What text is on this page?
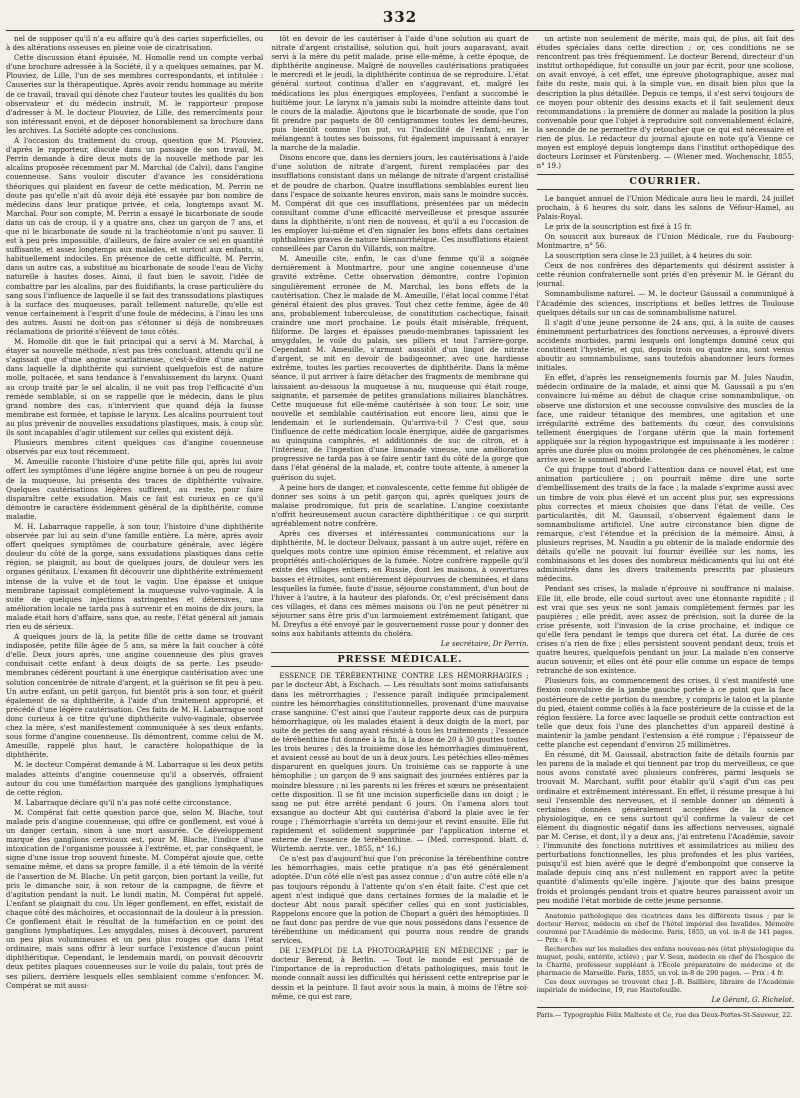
332

nel de supposer qu'il n'a eu affaire qu'à des caries superficielles, ou à des altérations osseuses en pleine voie de cicatrisation.

Cette discussion étant épuisée, M. Homolle rend un compte verbal d'une brochure adressée à la Société, il y a quelques semaines, par M. Plouviez, de Lille, l'un de ses membres correspondants, et intitulée : Causeries sur la thérapeutique. Après avoir rendu hommage au mérite de ce travail, travail qui dénote chez l'auteur toutes les qualités du bon observateur et du médecin instruit, M. le rapporteur propose d'adresser à M. le docteur Plouviez, de Lille, des remercîments pour son intéressant envoi, et de déposer honorablement sa brochure dans les archives. La Société adopte ces conclusions.

A l'occasion du traitement du croup, question que M. Plouviez, d'après le rapporteur, discute dans un passage de son travail, M. Perrin demande à dire deux mots de la nouvelle méthode par les alcalins proposée récemment par M. Marchal (de Calvi), dans l'angine couenneuse. Sans vouloir discuter d'avance les considérations théoriques qui plaident en faveur de cette médication, M. Perrin ne doute pas qu'elle n'ait dû avoir déjà été essayée par bon nombre de médecins dans leur pratique privée, et cela, longtemps avant M. Marchal. Pour son compte, M. Perrin a essayé le bicarbonate de soude dans un cas de croup, il y a quatre ans, chez un garçon de 7 ans, et que ni le bicarbonate de soude ni la trachéotomie n'ont pu sauver. Il est à peu près impossible, d'ailleurs, de faire avaler ce sel en quantité suffisante, et assez longtemps aux malades, et surtout aux enfants, si habituellement indociles. En présence de cette difficulté, M. Perrin, dans un autre cas, a substitué au bicarbonate de soude l'eau de Vichy naturelle à hautes doses. Ainsi, il faut bien le savoir, l'idée de combattre par les alcalins, par des fluidifiants, la crase particulière du sang sous l'influence de laquelle il se fait des transsudations plastiques à la surface des muqueuses, paraît tellement naturelle, qu'elle est venue certainement à l'esprit d'une foule de médecins, à l'insu les uns des autres. Aussi ne doit-on pas s'étonner si déjà de nombreuses réclamations de priorité s'élèvent de tous côtés.

M. Homolle dit que le fait principal qui a servi à M. Marchal, à étayer sa nouvelle méthode, n'est pas très concluant, attendu qu'il ne s'agissait que d'une angine scarlatineuse, c'est-à-dire d'une angine dans laquelle la diphthérite qui survient quelquefois est de nature molle, pultacée, et sans tendance à l'envahissement du larynx. Quant au croup traité par le sel alcalin, il ne voit pas trop l'efficacité d'un remède semblable, si on se rappelle que le médecin, dans le plus grand nombre des cas, n'intervient que quand déjà la fausse membrane est formée, et tapisse le larynx. Les alcalins pourraient tout au plus prévenir de nouvelles exsudations plastiques, mais, à coup sûr, ils sont incapables d'agir utilement sur celles qui existent déjà.

Plusieurs membres citent quelques cas d'angine couenneuse observés par eux tout récemment.

M. Ameuille raconte l'histoire d'une petite fille qui, après lui avoir offert les symptômes d'une légère angine bornée à un peu de rougeur de la muqueuse, lui présenta des traces de diphthérite vulvaire. Quelques cautérisations légères suffirent, au reste, pour faire disparaître cette exsudation. Mais ce fait est curieux en ce qu'il démontre le caractère évidemment général de la diphthérite, comme maladie.

M. H. Labarraque rappelle, à son tour, l'histoire d'une diphthérite observée par lui au sein d'une famille entière. La mère, après avoir offert quelques symptômes de courbature générale, avec légère douleur du côté de la gorge, sans exsudations plastiques dans cette région, se plaignit, au bout de quelques jours, de douleur vers les organes génitaux. L'examen fit découvrir une diphthérite extrêmement intense de la vulve et de tout le vagin. Une épaisse et unique membrane tapissait complètement la muqueuse vulvo-vaginale. A la suite de quelques injections astringentes et détersives, une amélioration locale ne tarda pas à survenir et en moins de dix jours, la malade était hors d'affaire, sans que, au reste, l'état général ait jamais rien eu de sérieux.

A quelques jours de là, la petite fille de cette dame se trouvant indisposée, petite fille âgée de 5 ans, sa mère la fait coucher à côté d'elle. Deux jours après, une angine couenneuse des plus graves conduisait cette enfant à deux doigts de sa perte. Les pseudo-membranes cédèrent pourtant à une énergique cautérisation avec une solution concentrée de nitrate d'argent, et la guérison se fit peu à peu. Un autre enfant, un petit garçon, fut bientôt pris à son tour, et guérit également de sa diphthérite, à l'aide d'un traitement approprié, et précédé d'une légère cautérisation. Ces faits de M. H. Labarraque sont donc curieux à ce titre qu'une diphthérite vulvo-vaginale, observée chez la mère, s'est manifestement communiquée à ses deux enfants, sous forme d'angine couenneuse. Ils démontrent, comme celui de M. Ameuille, rappelé plus haut, le caractère holopathique de la diphthérite.

M. le docteur Compérat demande à M. Labarraque si les deux petits malades atteints d'angine couenneuse qu'il a observés, offraient autour du cou une tuméfaction marquée des ganglions lymphatiques de cette région.

M. Labarraque déclare qu'il n'a pas noté cette circonstance.

M. Compérat fait cette question parce que, selon M. Blache, tout malade pris d'angine couenneuse, qui offre ce gonflement, est voué à un danger certain, sinon à une mort assurée. Ce développement marqué des ganglions cervicaux est, pour M. Blache, l'indice d'une intoxication de l'organisme poussée à l'extrême, et, par conséquent, le signe d'une issue trop souvent funeste. M. Compérat ajoute que, cette semaine même, et dans sa propre famille, il a été témoin de la vérité de l'assertion de M. Blache. Un petit garçon, bien portant la veille, fut pris le dimanche soir, à son retour de la campagne, de fièvre et d'agitation pendant la nuit. Le lundi matin, M. Compérat fut appelé. L'enfant se plaignait du cou. Un léger gonflement, en effet, existait de chaque côté des mâchoires, et occasionnait de la douleur à la pression. Ce gonflement était le résultat de la tuméfaction en ce point des ganglions lymphatiques. Les amygdales, mises à découvert, parurent un peu plus volumineuses et un peu plus rouges que dans l'état ordinaire, mais sans offrir à leur surface l'existence d'aucun point diphthéritique. Cependant, le lendemain mardi, on pouvait découvrir deux petites plaques couenneuses sur le voile du palais, tout près de ses piliers, derrière lesquels elles semblaient comme s'enfoncer. M. Compérat se mit aussi-

tôt en devoir de les cautériser à l'aide d'une solution au quart de nitrate d'argent cristallisé, solution qui, huit jours auparavant, avait servi à la mère du petit malade, prise elle-même, à cette époque, de diphthérite angineuse. Malgré de nouvelles cautérisations pratiquées le mercredi et le jeudi, la diphthérite continua de se reproduire. L'état général surtout continua d'aller en s'aggravant, et, malgré les médications les plus énergiques employées, l'enfant a succombé le huitième jour. Le larynx n'a jamais subi la moindre atteinte dans tout le cours de la maladie. Ajoutons que le bicarbonate de soude, que l'on fit prendre par paquets de 80 centigrammes toutes les demi-heures, puis bientôt comme l'on put, vu l'indocilité de l'enfant, en le mélangeant à toutes ses boissons, fut également impuissant à enrayer la marche de la maladie.

Disons encore que, dans les derniers jours, les cautérisations à l'aide d'une solution de nitrate d'argent, furent remplacées par des insufflations consistant dans un mélange de nitrate d'argent cristallisé et de poudre de charbon. Quatre insufflations semblables eurent lieu dans l'espace de soixante heures environ, mais sans le moindre succès. M. Compérat dit que ces insufflations, présentées par un médecin consultant comme d'une efficacité merveilleuse et presque assurée dans la diphthérite, n'ont rien de nouveau, et qu'il a eu l'occasion de les employer lui-même et d'en signaler les bons effets dans certaines ophthalmies graves de nature blennorrhéique. Ces insufflations étaient conseillées par Caron du Villards, son maître.

M. Ameuille cite, enfin, le cas d'une femme qu'il a soignée dernièrement à Montmartre, pour une angine couenneuse d'une gravité extrême. Cette observation démontre, contre l'opinion singulièrement erronée de M. Marchal, les bons effets de la cautérisation. Chez le malade de M. Ameuille, l'état local comme l'état général étaient des plus graves. Tout chez cette femme, âgée de 40 ans, probablement tuberculeuse, de constitution cachectique, faisait craindre une mort prochaine. Le pouls était misérable, fréquent, filiforme. De larges et épaisses pseudo-membranes tapissaient les amygdales, le voile du palais, ses piliers et tout l'arrière-gorge. Cependant M. Ameuille, s'armant aussitôt d'un lingot de nitrate d'argent, se mit en devoir de badigeonner, avec une hardiesse extrême, toutes les parties recouvertes de diphthérite. Dans la même séance, il put arriver à faire détacher des fragments de membrane qui laissaient au-dessous la muqueuse à nu, muqueuse qui était rouge, saignante, et parsemée de petites granulations miliaires blanchâtres. Cette muqueuse fut elle-même cautérisée à son tour. Le soir, une nouvelle et semblable cautérisation eut encore lieu, ainsi que le lendemain et le surlendemain. Qu'arriva-t-il ? C'est que, sous l'influence de cette médication locale énergique, aidée de gargarismes au quinquina camphrés, et additionnés de suc de citron, et à l'intérieur, de l'ingestion d'une limonade vineuse, une amélioration progressive ne tarda pas à se faire sentir tant du côté de la gorge que dans l'état général de la malade, et, contre toute attente, à amener la guérison du sujet.

A peine hors de danger, et convalescente, cette femme fut obligée de donner ses soins à un petit garçon qui, après quelques jours de malaise prodromique, fut pris de scarlatine. L'angine coexistante n'offrit heureusement aucun caractère diphthéritique : ce qui surprit agréablement notre confrère.

Après ces diverses et intéressantes communications sur la diphthérite, M. le docteur Delvaux, passant à un autre sujet, réfère en quelques mots contre une opinion émise récemment, et relative aux propriétés anti-cholériques de la fumée. Notre confrère rappelle qu'il existe des villages entiers, en Russie, dont les maisons, à ouvertures basses et étroites, sont entièrement dépourvues de cheminées, et dans lesquelles la fumée, faute d'issue, séjourne constamment, d'un bout de l'hiver à l'autre, à la hauteur des plafonds. Or, c'est précisément dans ces villages, et dans ces mêmes maisons où l'on ne peut pénétrer ni séjourner sans être pris d'un larmoiement extrêmement fatigant, que M. Dreyfus a été envoyé par le gouvernement russe pour y donner des soins aux habitants atteints du choléra.

Le secrétaire, Dr Perrin.

PRESSE MÉDICALE.

ESSENCE DE TÉRÉBENTHINE CONTRE LES HÉMORRHAGIES ; par le docteur Abt, à Eschach. — Les résultats sont moins satisfaisants dans les métrorrhagies ; l'essence paraît indiquée principalement contre les hémorrhagies constitutionnelles, provenant d'une mauvaise crase sanguine. C'est ainsi que l'auteur rapporte deux cas de purpura hémorrhagique, où les malades étaient à deux doigts de la mort, par suite de pertes de sang ayant résisté à tous les traitements ; l'essence de térébenthine fut donnée à la fin, à la dose de 20 à 30 gouttes toutes les trois heures ; dès la troisième dose les hémorrhagies diminuèrent, et avaient cessé au bout de un à deux jours. Les pétéchies elles-mêmes disparurent en quelques jours. Un troisième cas se rapporte à une hémophilie ; un garçon de 9 ans saignait des journées entières par la moindre blessure ; ni les parents ni les frères et sœurs ne présentaient cette disposition. Il se fit une incision superficielle dans un doigt ; le sang ne put être arrêté pendant 6 jours. On l'amena alors tout exsangue au docteur Abt qui cautérisa d'abord la plaie avec le fer rouge ; l'hémorrhagie s'arrêta un demi-jour et revint ensuite. Elle fut rapidement et solidement supprimée par l'application interne et externe de l'essence de térébenthine. — (Med. correspond. blatt. d. Würtemb. aerzte. ver., 1855, n° 16.)

Ce n'est pas d'aujourd'hui que l'on préconise la térébenthine contre les hémorrhagies, mais cette pratique n'a pas été généralement adoptée. D'un côté elle n'est pas assez connue ; d'un autre côté elle n'a pas toujours répondu à l'attente qu'on s'en était faite. C'est que cet agent n'est indiqué que dans certaines formes de la maladie et le docteur Abt nous paraît spécifier celles qui en sont justiciables. Rappelons encore que la potion de Chopart a guéri des hémoptisies. Il ne faut donc pas perdre de vue que nous possédons dans l'essence de térébenthine un médicament qui pourra nous rendre de grands services.

DE L'EMPLOI DE LA PHOTOGRAPHIE EN MÉDECINE ; par le docteur Berend, à Berlin. — Tout le monde est persuadé de l'importance de la reproduction d'états pathologiques, mais tout le monde connaît aussi les difficultés qui hérissent cette entreprise par le dessin et la peinture. Il faut avoir sous la main, à moins de l'être soi-même, ce qui est rare,

un artiste non seulement de mérite, mais qui, de plus, ait fait des études spéciales dans cette direction ; or, ces conditions ne se rencontrent pas très fréquemment. Le docteur Berend, directeur d'un institut orthopédique, fut consulté un jour par écrit, pour une scoliose, on avait envoyé, à cet effet, une épreuve photographique, assez mal faite du reste, mais qui, à la simple vue, en disait bien plus que la description la plus détaillée. Depuis ce temps, il s'est servi toujours de ce moyen pour obtenir des dessins exacts et il fait seulement deux recommandations : la première de donner au malade la position la plus convenable pour que l'objet à reproduire soit convenablement éclairé, la seconde de ne permettre d'y retoucher que ce qui est nécessaire et rien de plus. Le rédacteur du journal ajoute en note qu'à Vienne ce moyen est employé depuis longtemps dans l'institut orthopédique des docteurs Lorinser et Fürstenberg. — (Wiener med. Wochenschr, 1855, n° 19.)

COURRIER.

Le banquet annuel de l'Union Médicale aura lieu le mardi, 24 juillet prochain, à 6 heures du soir, dans les salons de Véfour-Hamel, au Palais-Royal.

Le prix de la souscription est fixé à 15 fr.

On souscrit aux bureaux de l'Union Médicale, rue du Faubourg-Montmartre, n° 56.

La souscription sera close le 23 juillet, à 4 heures du soir.

Ceux de nos confrères des départements qui désirent assister à cette réunion confraternelle sont priés d'en prévenir M. le Gérant du journal.

Somnambulisme naturel. — M. le docteur Gaussail a communiqué à l'Académie des sciences, inscriptions et belles lettres de Toulouse quelques détails sur un cas de somnambulisme naturel.

Il s'agit d'une jeune personne de 24 ans, qui, à la suite de causes éminemment perturbatrices des fonctions nerveuses, a éprouvé divers accidents morbides, parmi lesquels ont longtemps dominé ceux qui constituent l'hystérie, et qui, depuis trois ou quatre ans, sont venus aboutir au somnambulisme, sans toutefois abandonner leurs formes initiales.

En effet, d'après les renseignements fournis par M. Jules Naudin, médecin ordinaire de la malade, et ainsi que M. Gaussail a pu s'en convaincre lui-même au début de chaque crise somnambulique, on observe une distorsion et une secousse convulsive des muscles de la face, une raideur tétanique des membres, une agitation et une irrégularité extrême des battements du cœur, des convulsions tellement énergiques de l'organe utérin que la main fortement appliquée sur la région hypogastrique est impuissante à les modérer : après une durée plus ou moins prolongée de ces phénomènes, le calme arrive avec le sommeil morbide.

Ce qui frappe tout d'abord l'attention dans ce nouvel état, est une animation particulière ; on pourrait même dire une sorte d'embellissement des traits de la face ; la malade s'exprime aussi avec un timbre de voix plus élevé et un accent plus pur, ses expressions plus correctes et mieux choisies que dans l'état de veille. Ces particularités, dit M. Gaussail, s'observent également dans le somnambulisme artificiel. Une autre circonstance bien digne de remarque, c'est l'étendue et la précision de la mémoire. Ainsi, à plusieurs reprises, M. Naudin a pu obtenir de la malade endormie des détails qu'elle ne pouvait lui fournir éveillée sur les noms, les combinaisons et les doses des nombreux médicaments qui lui ont été administrés dans les divers traitements prescrits par plusieurs médecins.

Pendant ses crises, la malade n'éprouve ni souffrance ni malaise. Elle lit, elle brode, elle coud surtout avec une étonnante rapidité ; il est vrai que ses yeux ne sont jamais complètement fermés par les paupières ; elle prédit, avec assez de précision, soit la durée de la crise présente, soit l'invasion de la crise prochaine, et indique ce qu'elle fera pendant le temps que durera cet état. La durée de ces crises n'a rien de fixe ; elles persistent souvent pendant deux, trois et quatre heures, quelquefois pendant un jour. La malade n'en conserve aucun souvenir, et elles ont été pour elle comme un espace de temps retranché de son existence.

Plusieurs fois, au commencement des crises, il s'est manifesté une flexion convulsive de la jambe gauche portée à ce point que la face postérieure de cette portion du membre, y compris le talon et la plante du pied, étaient comme collés à la face postérieure de la cuisse et de la région fessière. La force avec laquelle se produit cette contraction est telle que deux fois l'une des planchettes d'un appareil destiné à maintenir la jambe pendant l'extension a été rompue ; l'épaisseur de cette planche est cependant d'environ 25 millimètres.

En résumé, dit M. Gaussail, abstraction faite de détails fournis par les parens de la malade et qui tiennent par trop du merveilleux, ce que nous avons constaté avec plusieurs confrères, parmi lesquels se trouvait M. Marchant, suffit pour établir qu'il s'agit d'un cas peu ordinaire et extrêmement intéressant. En effet, il résume presque à lui seul l'ensemble des nerveuses, et il semble donner un démenti à certaines données généralement acceptées de la science physiologique, en ce sens surtout qu'il confirme la valeur de cet élément du diagnostic négatif dans les affections nerveuses, signalé par M. Cerise, et dont, il y a deux ans, j'ai entretenu l'Académie, savoir : l'immunité des fonctions nutritives et assimilatrices au milieu des perturbations fonctionnelles, les plus profondes et les plus variées, puisqu'il est bien avéré que le degré d'embonpoint que conserve la malade depuis cinq ans n'est nullement en rapport avec la petite quantité d'aliments qu'elle ingère. J'ajoute que des bains presque froids et prolongés pendant trois et quatre heures paraissent avoir un peu modifié l'état morbide de cette jeune personne.

Anatomie pathologique des cicatrices dans les différents tissus ; par le docteur Hervez, médecin en chef de l'hôtel impérial des Invalides. Mémoire couronné par l'Académie de médecine. Paris, 1855, un vol. in-8 de 141 pages. — Prix : 4 fr.

Recherches sur les maladies des enfans nouveau-nés (état physiologique du muguet, pouls, entérite, ictère) ; par V. Seux, médecin en chef de l'hospice de la Charité, professeur suppléant à l'École préparatoire de médecine et de pharmacie de Marseille. Paris, 1855, un vol. in-8 de 290 pages. — Prix : 4 fr.

Ces deux ouvrages se trouvent chez J.-B. Baillière, libraire de l'Académie impériale de médecine, 19, rue Hautefeuille.

Le Gérant, G. Richelot.

Paris.— Typographie Félix Malteste et Ce, rue des Deux-Portes-St-Sauveur, 22.
